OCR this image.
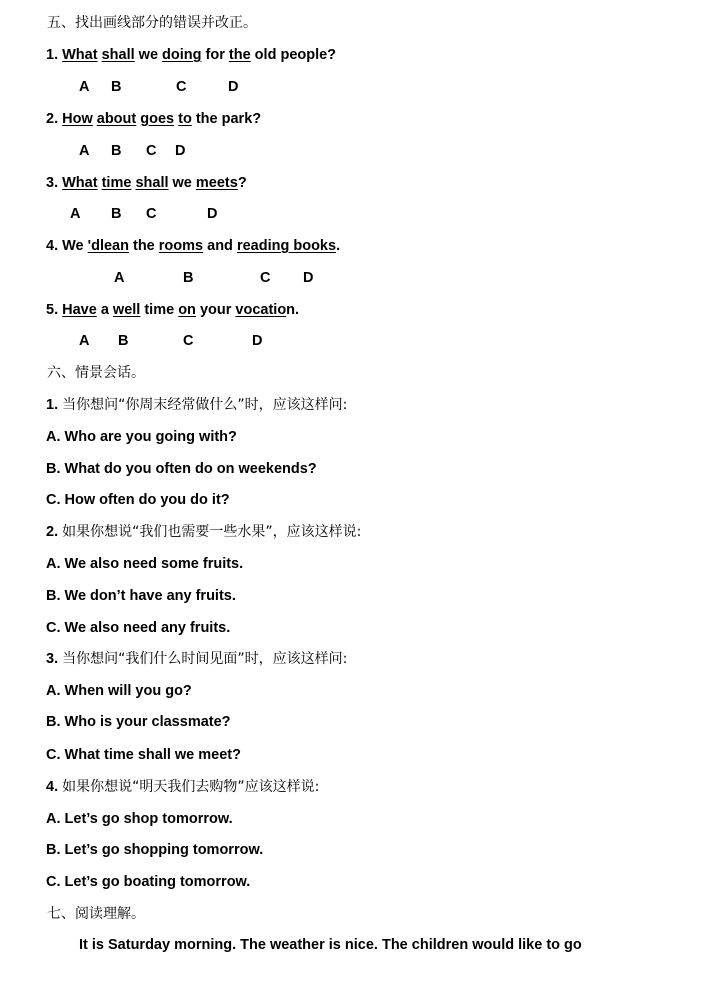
五、找出画线部分的错误并改正。
1. What shall we doing for the old people?
A B	C	D
2. How about goes to the park?
A B C D
3. What time shall we meets?
A B C	D
4. We 'dlean the rooms and reading books.
A	B	C D
5. Have a well time on your vocation.
A B	C	D
六、情景会话。
1. 当你想问“你周末经常做什么”时，应该这样问:
A. Who are you going with?
B. What do you often do on weekends?
C. How often do you do it?
2. 如果你想说“我们也需要一些水果”，应该这样说:
A. We also need some fruits.
B. We don’t have any fruits.
C. We also need any fruits.
3. 当你想问“我们什么时间见面”时，应该这样问:
A. When will you go?
B. Who is your classmate?
C. What time shall we meet?
4. 如果你想说“明天我们去购物”应该这样说:
A. Let’s go shop tomorrow.
B. Let’s go shopping tomorrow.
C. Let’s go boating tomorrow.
七、阅读理解。
It is Saturday morning. The weather is nice. The children would like to go
